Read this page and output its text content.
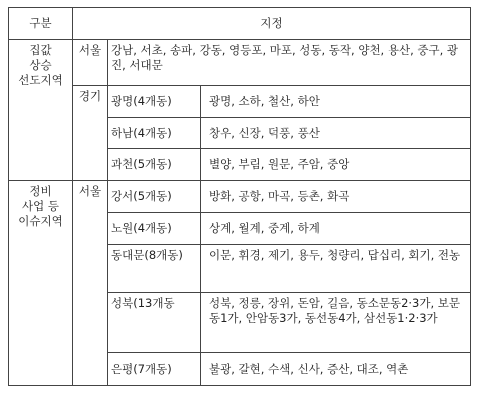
구분	지정		
집값
상승
선도지역	서울	강남, 서초, 송파, 강동, 영등포, 마포, 성동, 동작, 양천, 용산, 중구, 광진, 서대문	
	경기	광명(4개동)	광명, 소하, 철산, 하안
		하남(4개동)	창우, 신장, 덕풍, 풍산
		과천(5개동)	별양, 부림, 원문, 주암, 중앙
정비
사업 등
이슈지역	서울	강서(5개동)	방화, 공항, 마곡, 등촌, 화곡
		노원(4개동)	상계, 월계, 중계, 하계
		동대문(8개동)	이문, 휘경, 제기, 용두, 청량리, 답십리, 회기, 전농
		성북(13개동	성북, 정릉, 장위, 돈암, 길음, 동소문동2·3가, 보문동1가, 안암동3가, 동선동4가, 삼선동1·2·3가
		은평(7개동)	불광, 갈현, 수색, 신사, 증산, 대조, 역촌
